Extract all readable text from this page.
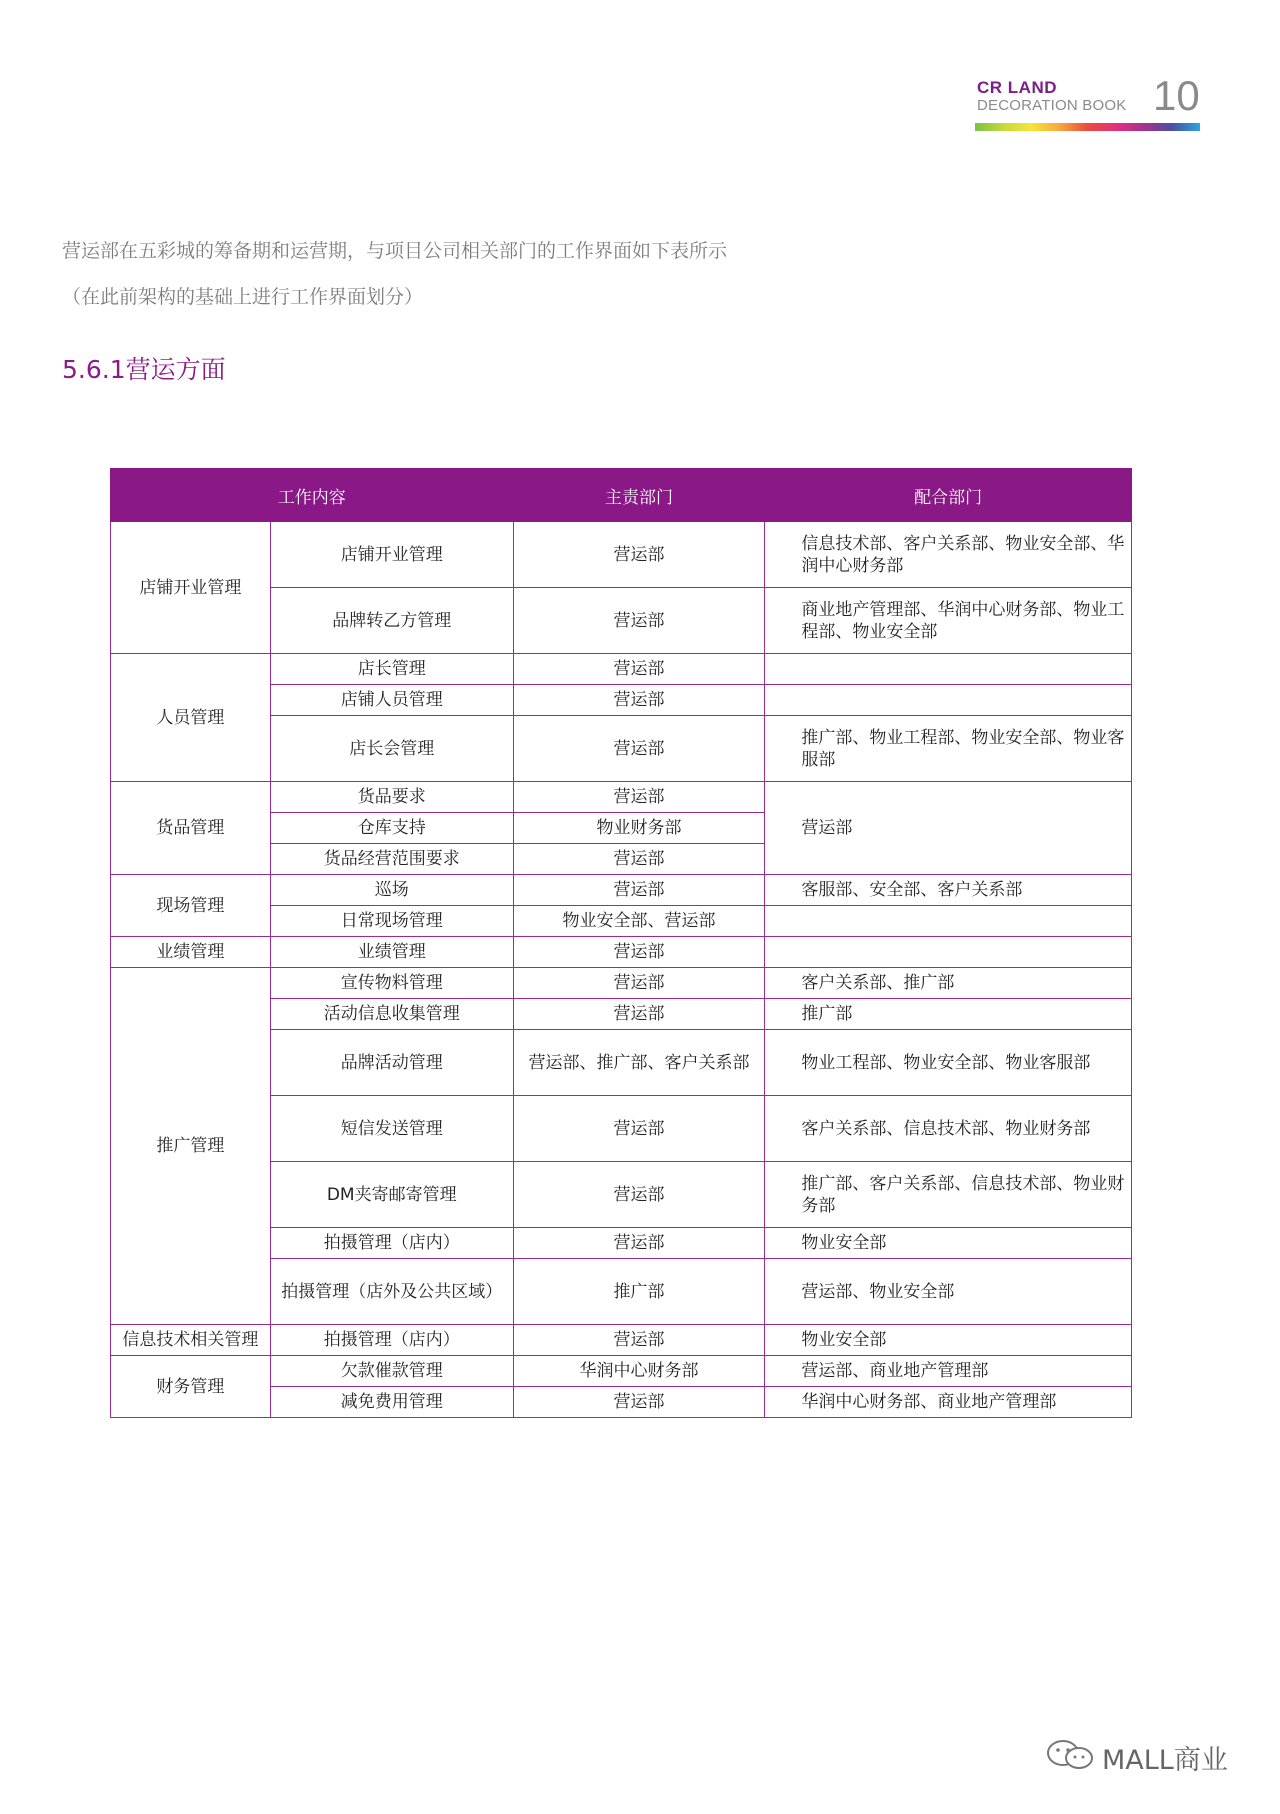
CR LAND
DECORATION BOOK 10

营运部在五彩城的筹备期和运营期，与项目公司相关部门的工作界面如下表所示

（在此前架构的基础上进行工作界面划分）

5.6.1营运方面
工作内容		主责部门	配合部门
店铺开业管理	店铺开业管理	营运部	信息技术部、客户关系部、物业安全部、华润中心财务部
	品牌转乙方管理	营运部	商业地产管理部、华润中心财务部、物业工程部、物业安全部
人员管理	店长管理	营运部	
	店铺人员管理	营运部	
	店长会管理	营运部	推广部、物业工程部、物业安全部、物业客服部
货品管理	货品要求	营运部	营运部
	仓库支持	物业财务部	
	货品经营范围要求	营运部	
现场管理	巡场	营运部	客服部、安全部、客户关系部
	日常现场管理	物业安全部、营运部	
业绩管理	业绩管理	营运部	
推广管理	宣传物料管理	营运部	客户关系部、推广部
	活动信息收集管理	营运部	推广部
	品牌活动管理	营运部、推广部、客户关系部	物业工程部、物业安全部、物业客服部
	短信发送管理	营运部	客户关系部、信息技术部、物业财务部
	DM夹寄邮寄管理	营运部	推广部、客户关系部、信息技术部、物业财务部
	拍摄管理（店内）	营运部	物业安全部
	拍摄管理（店外及公共区域）	推广部	营运部、物业安全部
信息技术相关管理	拍摄管理（店内）	营运部	物业安全部
财务管理	欠款催款管理	华润中心财务部	营运部、商业地产管理部
	减免费用管理	营运部	华润中心财务部、商业地产管理部
MALL商业
